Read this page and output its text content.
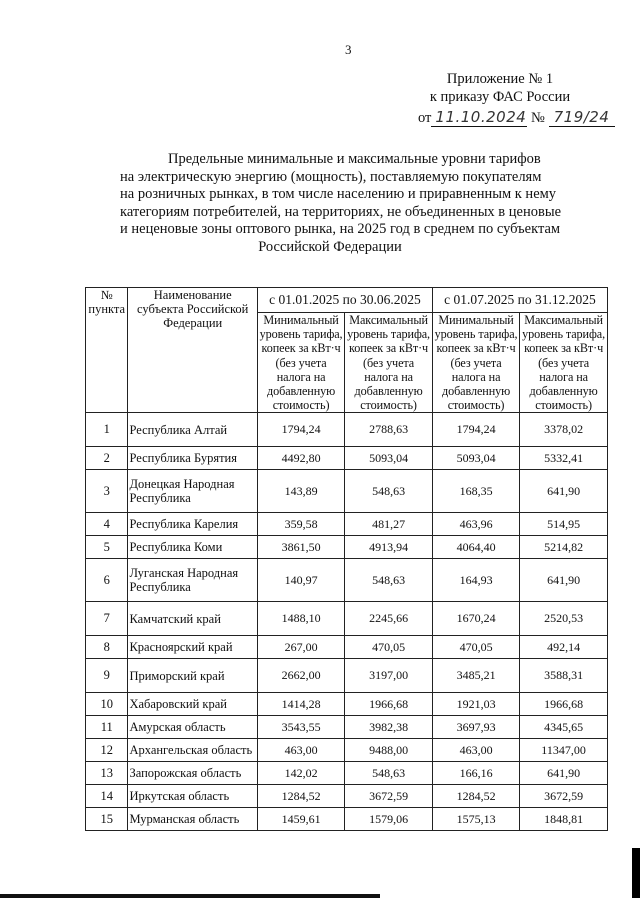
3
Приложение № 1
к приказу ФАС России
от 11.10.2024 № 719/24
Предельные минимальные и максимальные уровни тарифов
на электрическую энергию (мощность), поставляемую покупателям
на розничных рынках, в том числе населению и приравненным к нему
категориям потребителей, на территориях, не объединенных в ценовые
и неценовые зоны оптового рынка, на 2025 год в среднем по субъектам
Российской Федерации
№ пункта	Наименование субъекта Российской Федерации	с 01.01.2025 по 30.06.2025		с 01.07.2025 по 31.12.2025	
		Минимальный уровень тарифа, копеек за кВт·ч (без учета налога на добавленную стоимость)	Максимальный уровень тарифа, копеек за кВт·ч (без учета налога на добавленную стоимость)	Минимальный уровень тарифа, копеек за кВт·ч (без учета налога на добавленную стоимость)	Максимальный уровень тарифа, копеек за кВт·ч (без учета налога на добавленную стоимость)
1	Республика Алтай	1794,24	2788,63	1794,24	3378,02
2	Республика Бурятия	4492,80	5093,04	5093,04	5332,41
3	Донецкая Народная Республика	143,89	548,63	168,35	641,90
4	Республика Карелия	359,58	481,27	463,96	514,95
5	Республика Коми	3861,50	4913,94	4064,40	5214,82
6	Луганская Народная Республика	140,97	548,63	164,93	641,90
7	Камчатский край	1488,10	2245,66	1670,24	2520,53
8	Красноярский край	267,00	470,05	470,05	492,14
9	Приморский край	2662,00	3197,00	3485,21	3588,31
10	Хабаровский край	1414,28	1966,68	1921,03	1966,68
11	Амурская область	3543,55	3982,38	3697,93	4345,65
12	Архангельская область	463,00	9488,00	463,00	11347,00
13	Запорожская область	142,02	548,63	166,16	641,90
14	Иркутская область	1284,52	3672,59	1284,52	3672,59
15	Мурманская область	1459,61	1579,06	1575,13	1848,81
